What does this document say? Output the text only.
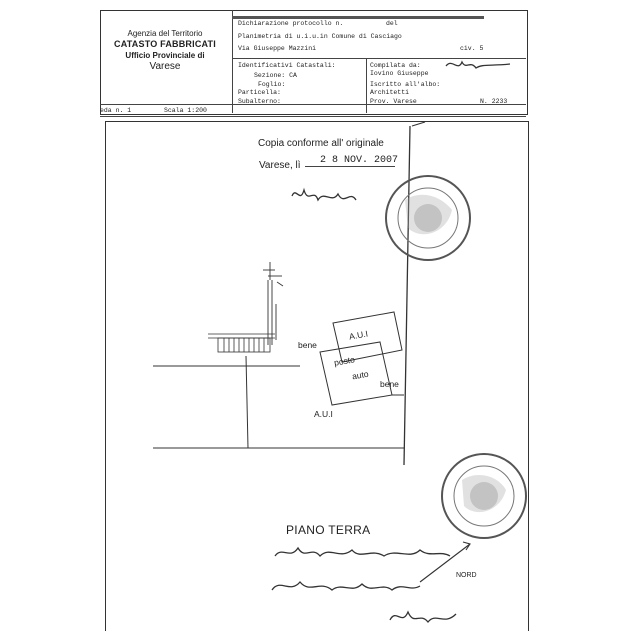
Agenzia del Territorio
CATASTO FABBRICATI
Ufficio Provinciale di
Varese
Dichiarazione protocollo n.	del
Planimetria di u.i.u.in Comune di Casciago
Via Giuseppe Mazzini	civ. 5
Identificativi Catastali:
Sezione: CA
Foglio:
Particella:
Subalterno:
Compilata da:
Iovino Giuseppe
Iscritto all'albo:
Architetti
Prov. Varese	N. 2233
eda n. 1	Scala 1:200
Copia conforme all' originale
Varese, lì 2 8 NOV. 2007
A.U.I
bene
posto
auto
bene
A.U.I
PIANO TERRA
NORD
